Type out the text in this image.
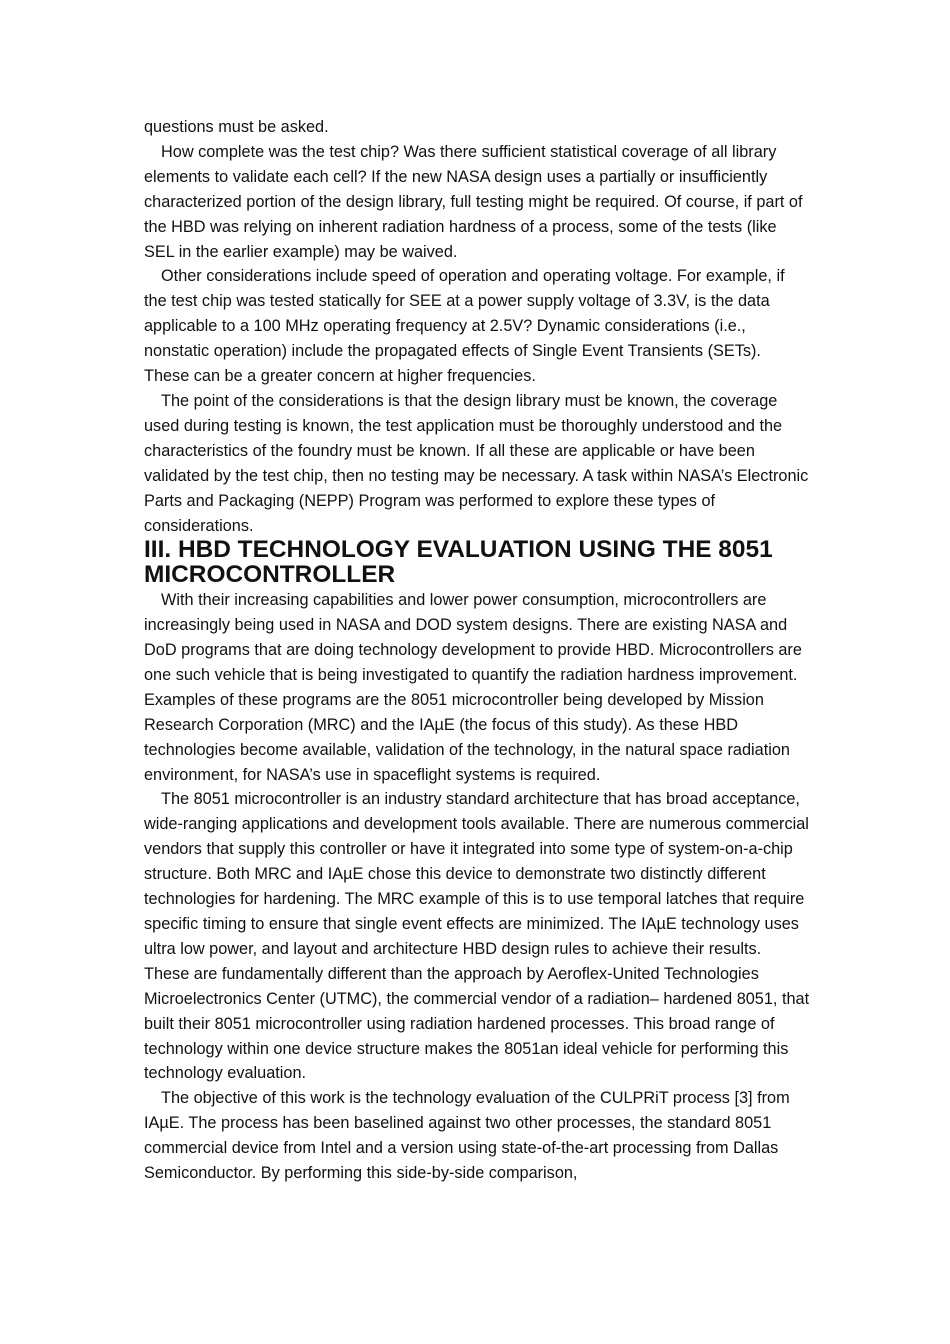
questions must be asked.

How complete was the test chip? Was there sufficient statistical coverage of all library elements to validate each cell? If the new NASA design uses a partially or insufficiently characterized portion of the design library, full testing might be required. Of course, if part of the HBD was relying on inherent radiation hardness of a process, some of the tests (like SEL in the earlier example) may be waived.

Other considerations include speed of operation and operating voltage. For example, if the test chip was tested statically for SEE at a power supply voltage of 3.3V, is the data applicable to a 100 MHz operating frequency at 2.5V? Dynamic considerations (i.e., nonstatic operation) include the propagated effects of Single Event Transients (SETs). These can be a greater concern at higher frequencies.

The point of the considerations is that the design library must be known, the coverage used during testing is known, the test application must be thoroughly understood and the characteristics of the foundry must be known. If all these are applicable or have been validated by the test chip, then no testing may be necessary. A task within NASA’s Electronic Parts and Packaging (NEPP) Program was performed to explore these types of considerations.

III. HBD TECHNOLOGY EVALUATION USING THE 8051 MICROCONTROLLER

With their increasing capabilities and lower power consumption, microcontrollers are increasingly being used in NASA and DOD system designs. There are existing NASA and DoD programs that are doing technology development to provide HBD. Microcontrollers are one such vehicle that is being investigated to quantify the radiation hardness improvement. Examples of these programs are the 8051 microcontroller being developed by Mission Research Corporation (MRC) and the IAµE (the focus of this study). As these HBD technologies become available, validation of the technology, in the natural space radiation environment, for NASA’s use in spaceflight systems is required.

The 8051 microcontroller is an industry standard architecture that has broad acceptance, wide-ranging applications and development tools available. There are numerous commercial vendors that supply this controller or have it integrated into some type of system-on-a-chip structure. Both MRC and IAµE chose this device to demonstrate two distinctly different technologies for hardening. The MRC example of this is to use temporal latches that require specific timing to ensure that single event effects are minimized. The IAµE technology uses ultra low power, and layout and architecture HBD design rules to achieve their results. These are fundamentally different than the approach by Aeroflex-United Technologies Microelectronics Center (UTMC), the commercial vendor of a radiation– hardened 8051, that built their 8051 microcontroller using radiation hardened processes. This broad range of technology within one device structure makes the 8051an ideal vehicle for performing this technology evaluation.

The objective of this work is the technology evaluation of the CULPRiT process [3] from IAµE. The process has been baselined against two other processes, the standard 8051 commercial device from Intel and a version using state-of-the-art processing from Dallas Semiconductor. By performing this side-by-side comparison,
